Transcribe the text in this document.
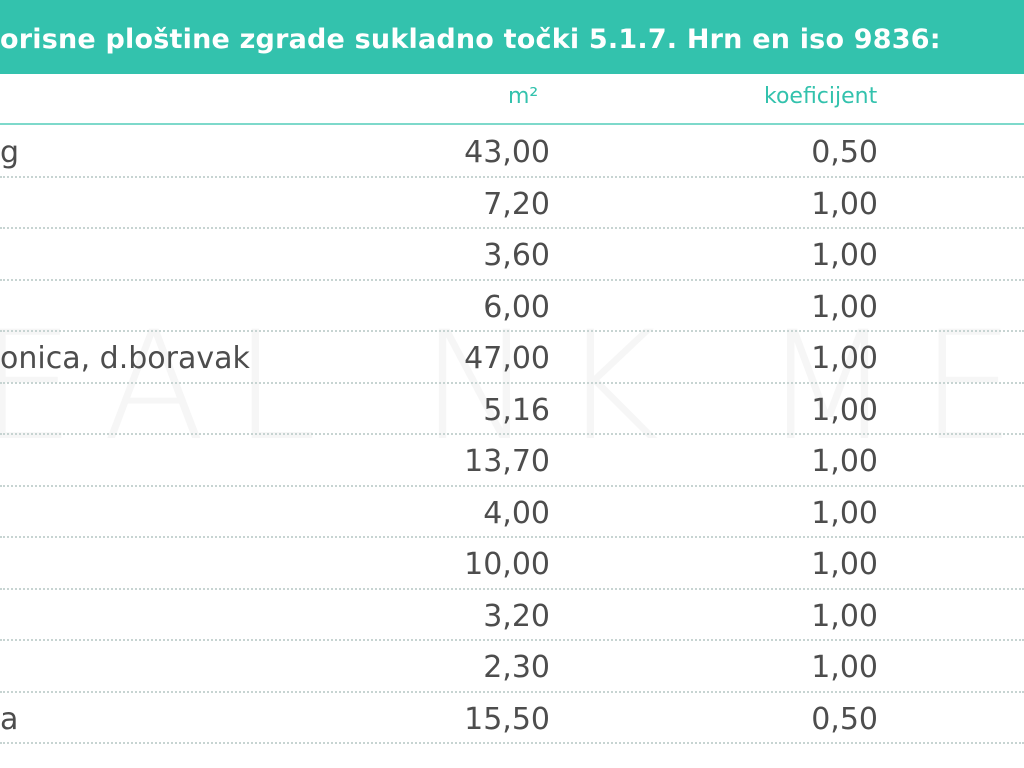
orisne ploštine zgrade sukladno točki 5.1.7. Hrn en iso 9836:
m²	koeficijent
g	43,00	0,50
7,20	1,00
3,60	1,00
6,00	1,00
onica, d.boravak	47,00	1,00
5,16	1,00
13,70	1,00
4,00	1,00
10,00	1,00
3,20	1,00
2,30	1,00
a	15,50	0,50
